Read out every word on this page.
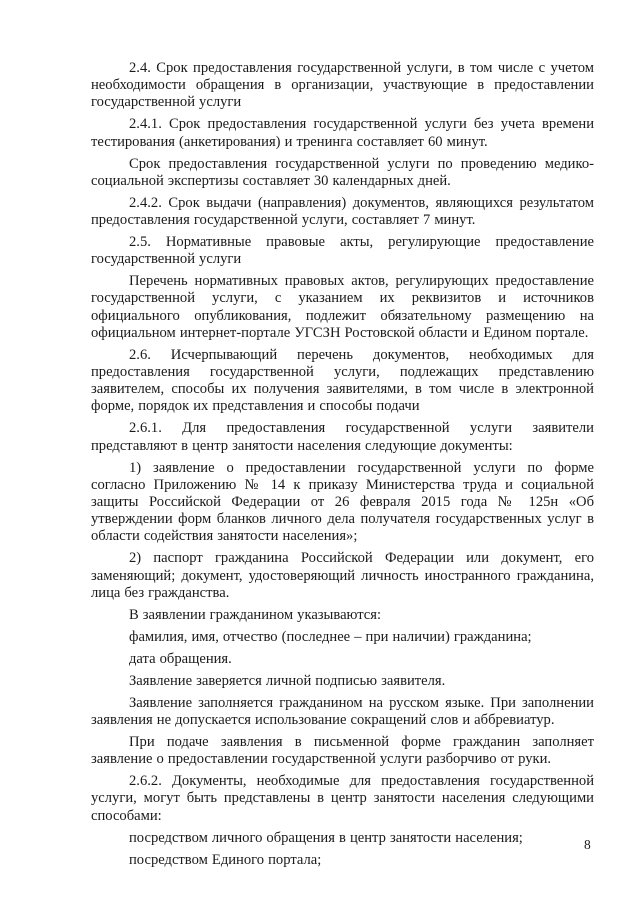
2.4. Срок предоставления государственной услуги, в том числе с учетом необходимости обращения в организации, участвующие в предоставлении государственной услуги

2.4.1. Срок предоставления государственной услуги без учета времени тестирования (анкетирования) и тренинга составляет 60 минут.

Срок предоставления государственной услуги по проведению медико-социальной экспертизы составляет 30 календарных дней.

2.4.2. Срок выдачи (направления) документов, являющихся результатом предоставления государственной услуги, составляет 7 минут.

2.5. Нормативные правовые акты, регулирующие предоставление государственной услуги

Перечень нормативных правовых актов, регулирующих предоставление государственной услуги, с указанием их реквизитов и источников официального опубликования, подлежит обязательному размещению на официальном интернет-портале УГСЗН Ростовской области и Едином портале.

2.6. Исчерпывающий перечень документов, необходимых для предоставления государственной услуги, подлежащих представлению заявителем, способы их получения заявителями, в том числе в электронной форме, порядок их представления и способы подачи

2.6.1. Для предоставления государственной услуги заявители представляют в центр занятости населения следующие документы:

1) заявление о предоставлении государственной услуги по форме согласно Приложению № 14 к приказу Министерства труда и социальной защиты Российской Федерации от 26 февраля 2015 года № 125н «Об утверждении форм бланков личного дела получателя государственных услуг в области содействия занятости населения»;

2) паспорт гражданина Российской Федерации или документ, его заменяющий; документ, удостоверяющий личность иностранного гражданина, лица без гражданства.

В заявлении гражданином указываются:

фамилия, имя, отчество (последнее – при наличии) гражданина;

дата обращения.

Заявление заверяется личной подписью заявителя.

Заявление заполняется гражданином на русском языке. При заполнении заявления не допускается использование сокращений слов и аббревиатур.

При подаче заявления в письменной форме гражданин заполняет заявление о предоставлении государственной услуги разборчиво от руки.

2.6.2. Документы, необходимые для предоставления государственной услуги, могут быть представлены в центр занятости населения следующими способами:

посредством личного обращения в центр занятости населения;

посредством Единого портала;

8
